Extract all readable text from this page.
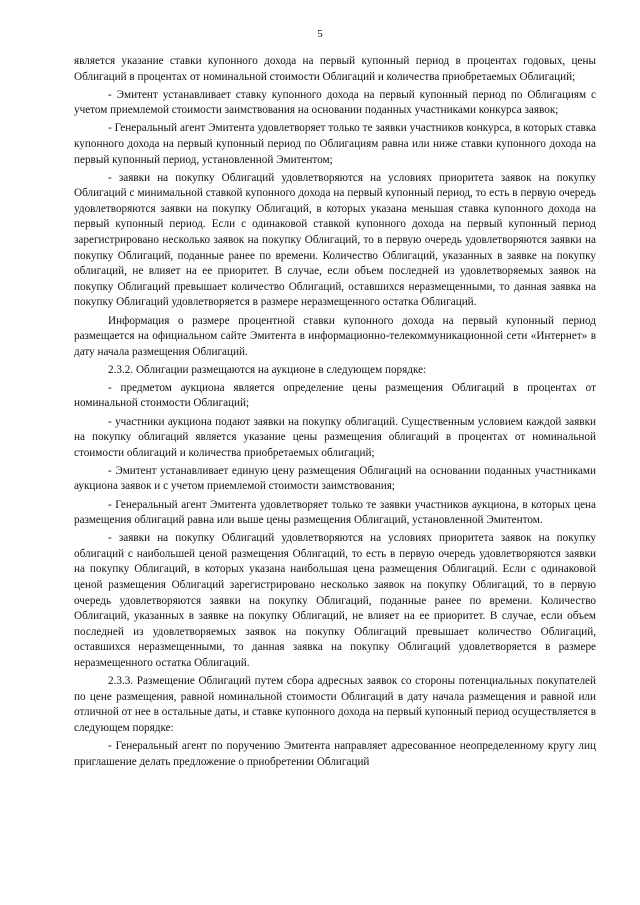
5

является указание ставки купонного дохода на первый купонный период в процентах годовых, цены Облигаций в процентах от номинальной стоимости Облигаций и количества приобретаемых Облигаций;

- Эмитент устанавливает ставку купонного дохода на первый купонный период по Облигациям с учетом приемлемой стоимости заимствования на основании поданных участниками конкурса заявок;

- Генеральный агент Эмитента удовлетворяет только те заявки участников конкурса, в которых ставка купонного дохода на первый купонный период по Облигациям равна или ниже ставки купонного дохода на первый купонный период, установленной Эмитентом;

- заявки на покупку Облигаций удовлетворяются на условиях приоритета заявок на покупку Облигаций с минимальной ставкой купонного дохода на первый купонный период, то есть в первую очередь удовлетворяются заявки на покупку Облигаций, в которых указана меньшая ставка купонного дохода на первый купонный период. Если с одинаковой ставкой купонного дохода на первый купонный период зарегистрировано несколько заявок на покупку Облигаций, то в первую очередь удовлетворяются заявки на покупку Облигаций, поданные ранее по времени. Количество Облигаций, указанных в заявке на покупку облигаций, не влияет на ее приоритет. В случае, если объем последней из удовлетворяемых заявок на покупку Облигаций превышает количество Облигаций, оставшихся неразмещенными, то данная заявка на покупку Облигаций удовлетворяется в размере неразмещенного остатка Облигаций.

Информация о размере процентной ставки купонного дохода на первый купонный период размещается на официальном сайте Эмитента в информационно-телекоммуникационной сети «Интернет» в дату начала размещения Облигаций.

2.3.2. Облигации размещаются на аукционе в следующем порядке:

- предметом аукциона является определение цены размещения Облигаций в процентах от номинальной стоимости Облигаций;

- участники аукциона подают заявки на покупку облигаций. Существенным условием каждой заявки на покупку облигаций является указание цены размещения облигаций в процентах от номинальной стоимости облигаций и количества приобретаемых облигаций;

- Эмитент устанавливает единую цену размещения Облигаций на основании поданных участниками аукциона заявок и с учетом приемлемой стоимости заимствования;

- Генеральный агент Эмитента удовлетворяет только те заявки участников аукциона, в которых цена размещения облигаций равна или выше цены размещения Облигаций, установленной Эмитентом.

- заявки на покупку Облигаций удовлетворяются на условиях приоритета заявок на покупку облигаций с наибольшей ценой размещения Облигаций, то есть в первую очередь удовлетворяются заявки на покупку Облигаций, в которых указана наибольшая цена размещения Облигаций. Если с одинаковой ценой размещения Облигаций зарегистрировано несколько заявок на покупку Облигаций, то в первую очередь удовлетворяются заявки на покупку Облигаций, поданные ранее по времени. Количество Облигаций, указанных в заявке на покупку Облигаций, не влияет на ее приоритет. В случае, если объем последней из удовлетворяемых заявок на покупку Облигаций превышает количество Облигаций, оставшихся неразмещенными, то данная заявка на покупку Облигаций удовлетворяется в размере неразмещенного остатка Облигаций.

2.3.3. Размещение Облигаций путем сбора адресных заявок со стороны потенциальных покупателей по цене размещения, равной номинальной стоимости Облигаций в дату начала размещения и равной или отличной от нее в остальные даты, и ставке купонного дохода на первый купонный период осуществляется в следующем порядке:

- Генеральный агент по поручению Эмитента направляет адресованное неопределенному кругу лиц приглашение делать предложение о приобретении Облигаций
